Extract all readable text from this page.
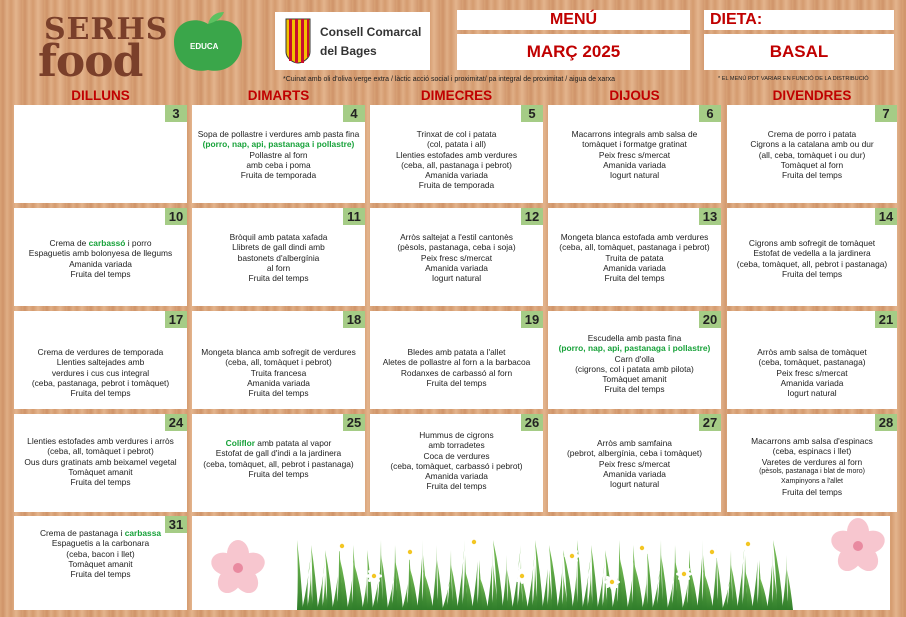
SERHS
food	EDUCA
Consell Comarcal
del Bages
MENÚ
MARÇ 2025
DIETA:
BASAL
*Cuinat amb oli d'oliva verge extra / làctic acció social i proximitat/ pa integral de proximitat / aigua de xarxa	* EL MENÚ POT VARIAR EN FUNCIÓ DE LA DISTRIBUCIÓ
DILLUNS	DIMARTS	DIMECRES	DIJOUS	DIVENDRES
3	4
Sopa de pollastre i verdures amb pasta fina
(porro, nap, api, pastanaga i pollastre)
Pollastre al forn
amb ceba i poma
Fruita de temporada
5
Trinxat de col i patata
(col, patata i all)
Llenties estofades amb verdures
(ceba, all, pastanaga i pebrot)
Amanida variada
Fruita de temporada
6
Macarrons integrals amb salsa de
tomàquet i formatge gratinat
Peix fresc s/mercat
Amanida variada
Iogurt natural
7
Crema de porro i patata
Cigrons a la catalana amb ou dur
(all, ceba, tomàquet i ou dur)
Tomàquet al forn
Fruita del temps
10
Crema de carbassó i porro
Espaguetis amb bolonyesa de llegums
Amanida variada
Fruita del temps
11
Bròquil amb patata xafada
Llibrets de gall dindi amb
bastonets d'albergínia
al forn
Fruita del temps
12
Arròs saltejat a l'estil cantonès
(pèsols, pastanaga, ceba i soja)
Peix fresc s/mercat
Amanida variada
Iogurt natural
13
Mongeta blanca estofada amb verdures
(ceba, all, tomàquet, pastanaga i pebrot)
Truita de patata
Amanida variada
Fruita del temps
14
Cigrons amb sofregit de tomàquet
Estofat de vedella a la jardinera
(ceba, tomàquet, all, pebrot i pastanaga)
Fruita del temps
17
Crema de verdures de temporada
Llenties saltejades amb
verdures i cus cus integral
(ceba, pastanaga, pebrot i tomàquet)
Fruita del temps
18
Mongeta blanca amb sofregit de verdures
(ceba, all, tomàquet i pebrot)
Truita francesa
Amanida variada
Fruita del temps
19
Bledes amb patata a l'allet
Aletes de pollastre al forn a la barbacoa
Rodanxes de carbassó al forn
Fruita del temps
20
Escudella amb pasta fina
(porro, nap, api, pastanaga i pollastre)
Carn d'olla
(cigrons, col i patata amb pilota)
Tomàquet amanit
Fruita del temps
21
Arròs amb salsa de tomàquet
(ceba, tomàquet, pastanaga)
Peix fresc s/mercat
Amanida variada
Iogurt natural
24
Llenties estofades amb verdures i arròs
(ceba, all, tomàquet i pebrot)
Ous durs gratinats amb beixamel vegetal
Tomàquet amanit
Fruita del temps
25
Coliflor amb patata al vapor
Estofat de gall d'indi a la jardinera
(ceba, tomàquet, all, pebrot i pastanaga)
Fruita del temps
26
Hummus de cigrons
amb torradetes
Coca de verdures
(ceba, tomàquet, carbassó i pebrot)
Amanida variada
Fruita del temps
27
Arròs amb samfaina
(pebrot, albergínia, ceba i tomàquet)
Peix fresc s/mercat
Amanida variada
Iogurt natural
28
Macarrons amb salsa d'espinacs
(ceba, espinacs i llet)
Varetes de verdures al forn
(pèsols, pastanaga i blat de moro)
Xampinyons a l'allet
Fruita del temps
31
Crema de pastanaga i carbassa
Espaguetis a la carbonara
(ceba, bacon i llet)
Tomàquet amanit
Fruita del temps
